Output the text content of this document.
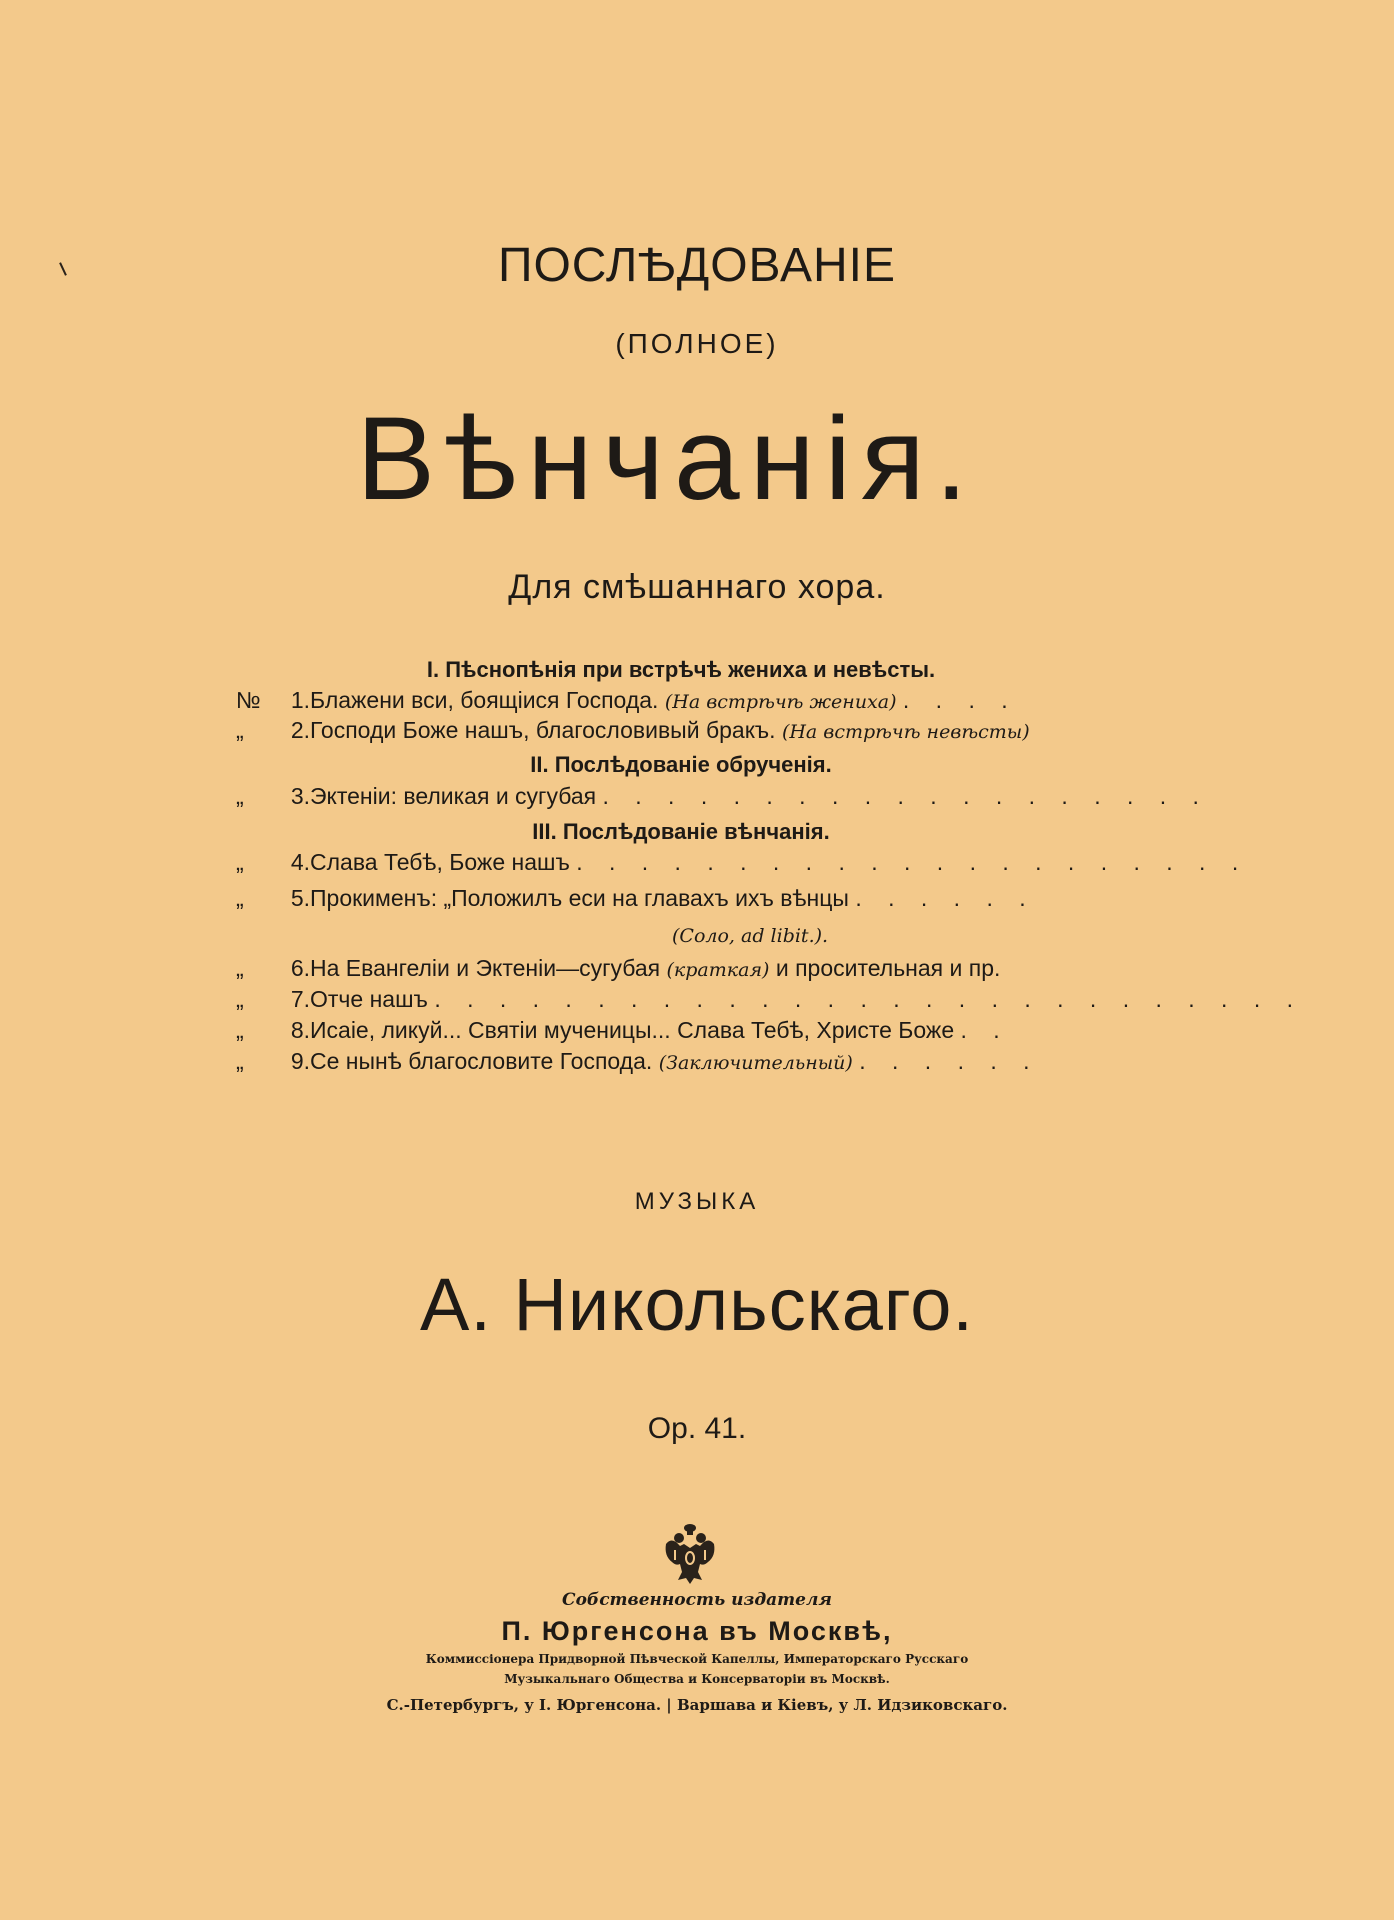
ПОСЛѢДОВАНІЕ
(ПОЛНОЕ)
Вѣнчанія.
Для смѣшаннаго хора.
I. Пѣснопѣнія при встрѣчѣ жениха и невѣсты.
№	1. Блажени вси, боящіися Господа. (На встрѣчѣ жениха) . . . .
„	2. Господи Боже нашъ, благословивый бракъ. (На встрѣчѣ невѣсты)
II. Послѣдованіе обрученія.
„	3. Эктеніи: великая и сугубая . . . . . . . . . . . . . . . . . . .
III. Послѣдованіе вѣнчанія.
„	4. Слава Тебѣ, Боже нашъ . . . . . . . . . . . . . . . . . . . . .
„	5. Прокименъ: „Положилъ еси на главахъ ихъ вѣнцы . . . . . .
(Соло, ad libit.).
„	6. На Евангеліи и Эктеніи—сугубая (краткая) и просительная и пр.
„	7. Отче нашъ . . . . . . . . . . . . . . . . . . . . . . . . . . .
„	8. Исаіе, ликуй... Святіи мученицы... Слава Тебѣ, Христе Боже . .
„	9. Се нынѣ благословите Господа. (Заключительный) . . . . . .
МУЗЫКА
А. Никольскаго.
Ор. 41.
Собственность издателя
П. Юргенсона въ Москвѣ,
Коммиссіонера Придворной Пѣвческой Капеллы, Императорскаго Русскаго
Музыкальнаго Общества и Консерваторіи въ Москвѣ.
С.-Петербургъ, у І. Юргенсона. | Варшава и Кіевъ, у Л. Идзиковскаго.
